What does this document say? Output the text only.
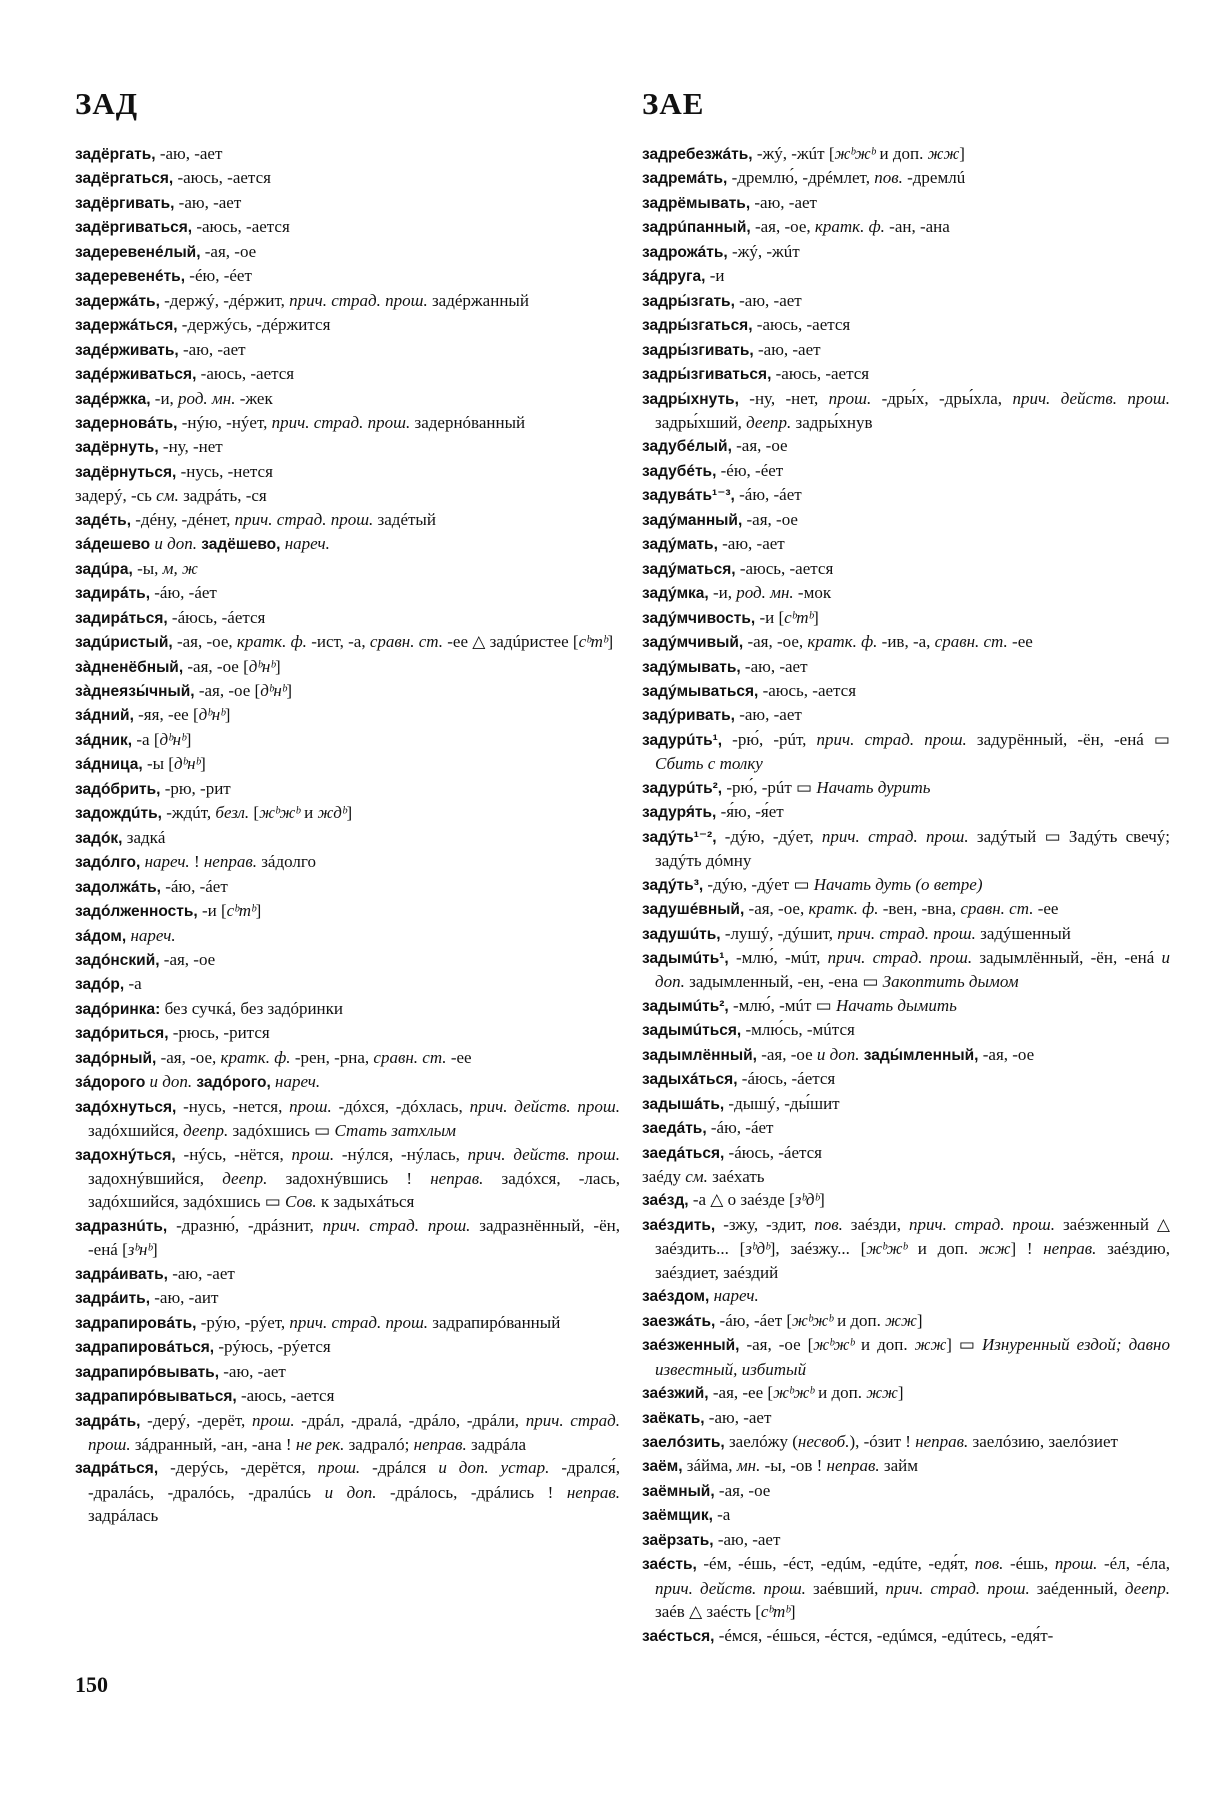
ЗАД	ЗАЕ

задёргать, -аю, -ает

задёргаться, -аюсь, -ается

задёргивать, -аю, -ает

задёргиваться, -аюсь, -ается

задеревенéлый, -ая, -ое

задеревенéть, -éю, -éет

задержáть, -держý, -дéржит, прич. страд. прош. задéржанный

задержáться, -держýсь, -дéржится

задéрживать, -аю, -ает

задéрживаться, -аюсь, -ается

задéржка, -и, род. мн. -жек

задерновáть, -нýю, -нýет, прич. страд. прош. задернóванный

задёрнуть, -ну, -нет

задёрнуться, -нусь, -нется

задерý, -сь см. задрáть, -ся

задéть, -дéну, -дéнет, прич. страд. прош. задéтый

зáдешево и доп. задёшево, нареч.

задúра, -ы, м, ж

задирáть, -áю, -áет

задирáться, -áюсь, -áется

задúристый, -ая, -ое, кратк. ф. -ист, -а, сравн. ст. -ее △ задúристее [сᵇтᵇ]

зàдненёбный, -ая, -ое [дᵇнᵇ]

зàднеязы́чный, -ая, -ое [дᵇнᵇ]

зáдний, -яя, -ее [дᵇнᵇ]

зáдник, -а [дᵇнᵇ]

зáдница, -ы [дᵇнᵇ]

задóбрить, -рю, -рит

задождúть, -ждúт, безл. [жᵇжᵇ и ждᵇ]

задóк, задкá

задóлго, нареч. ! неправ. зáдолго

задолжáть, -áю, -áет

задóлженность, -и [сᵇтᵇ]

зáдом, нареч.

задóнский, -ая, -ое

задóр, -а

задóринка: без сучкá, без задóринки

задóриться, -рюсь, -рится

задóрный, -ая, -ое, кратк. ф. -рен, -рна, сравн. ст. -ее

зáдорого и доп. задóрого, нареч.

задóхнуться, -нусь, -нется, прош. -дóхся, -дóхлась, прич. действ. прош. задóхшийся, деепр. задóхшись ▭ Стать затхлым

задохнýться, -нýсь, -нётся, прош. -нýлся, -нýлась, прич. действ. прош. задохнýвшийся, деепр. задохнýвшись ! неправ. задóхся, -лась, задóхшийся, задóхшись ▭ Сов. к задыхáться

задразнúть, -дразню́, -дрáзнит, прич. страд. прош. задразнённый, -ён, -енá [зᵇнᵇ]

задрáивать, -аю, -ает

задрáить, -аю, -аит

задрапировáть, -рýю, -рýет, прич. страд. прош. задрапирóванный

задрапировáться, -рýюсь, -рýется

задрапирóвывать, -аю, -ает

задрапирóвываться, -аюсь, -ается

задрáть, -дерý, -дерёт, прош. -дрáл, -дралá, -дрáло, -дрáли, прич. страд. прош. зáдранный, -ан, -ана ! не рек. задралó; неправ. задрáла

задрáться, -дерýсь, -дерётся, прош. -дрáлся и доп. устар. -дрался́, -дралáсь, -дралóсь, -дралúсь и доп. -дрáлось, -дрáлись ! неправ. задрáлась

задребезжáть, -жý, -жúт [жᵇжᵇ и доп. жж]

задремáть, -дремлю́, -дрéмлет, пов. -дремлú

задрёмывать, -аю, -ает

задрúпанный, -ая, -ое, кратк. ф. -ан, -ана

задрожáть, -жý, -жúт

зáдруга, -и

задры́згать, -аю, -ает

задры́згаться, -аюсь, -ается

задры́згивать, -аю, -ает

задры́згиваться, -аюсь, -ается

задры́хнуть, -ну, -нет, прош. -дры́х, -дры́хла, прич. действ. прош. задры́хший, деепр. задры́хнув

задубéлый, -ая, -ое

задубéть, -éю, -éет

задувáть¹⁻³, -áю, -áет

задýманный, -ая, -ое

задýмать, -аю, -ает

задýматься, -аюсь, -ается

задýмка, -и, род. мн. -мок

задýмчивость, -и [сᵇтᵇ]

задýмчивый, -ая, -ое, кратк. ф. -ив, -а, сравн. ст. -ее

задýмывать, -аю, -ает

задýмываться, -аюсь, -ается

задýривать, -аю, -ает

задурúть¹, -рю́, -рúт, прич. страд. прош. задурённый, -ён, -енá ▭ Сбить с толку

задурúть², -рю́, -рúт ▭ Начать дурить

задуря́ть, -я́ю, -я́ет

задýть¹⁻², -дýю, -дýет, прич. страд. прош. задýтый ▭ Задýть свечý; задýть дóмну

задýть³, -дýю, -дýет ▭ Начать дуть (о ветре)

задушéвный, -ая, -ое, кратк. ф. -вен, -вна, сравн. ст. -ее

задушúть, -лушý, -дýшит, прич. страд. прош. задýшенный

задымúть¹, -млю́, -мúт, прич. страд. прош. задымлённый, -ён, -енá и доп. задымленный, -ен, -ена ▭ Закоптить дымом

задымúть², -млю́, -мúт ▭ Начать дымить

задымúться, -млю́сь, -мúтся

задымлённый, -ая, -ое и доп. зады́мленный, -ая, -ое

задыхáться, -áюсь, -áется

задышáть, -дышý, -ды́шит

заедáть, -áю, -áет

заедáться, -áюсь, -áется

заéду см. заéхать

заéзд, -а △ о заéзде [зᵇдᵇ]

заéздить, -зжу, -здит, пов. заéзди, прич. страд. прош. заéзженный △ заéздить... [зᵇдᵇ], заéзжу... [жᵇжᵇ и доп. жж] ! неправ. заéздию, заéздиет, заéздий

заéздом, нареч.

заезжáть, -áю, -áет [жᵇжᵇ и доп. жж]

заéзженный, -ая, -ое [жᵇжᵇ и доп. жж] ▭ Изнуренный ездой; давно известный, избитый

заéзжий, -ая, -ее [жᵇжᵇ и доп. жж]

заёкать, -аю, -ает

заелóзить, заелóжу (несвоб.), -óзит ! неправ. заелóзию, заелóзиет

заём, зáйма, мн. -ы, -ов ! неправ. займ

заёмный, -ая, -ое

заёмщик, -а

заёрзать, -аю, -ает

заéсть, -éм, -éшь, -éст, -едúм, -едúте, -едя́т, пов. -éшь, прош. -éл, -éла, прич. действ. прош. заéвший, прич. страд. прош. заéденный, деепр. заéв △ заéсть [сᵇтᵇ]

заéсться, -éмся, -éшься, -éстся, -едúмся, -едúтесь, -едя́т-

150
